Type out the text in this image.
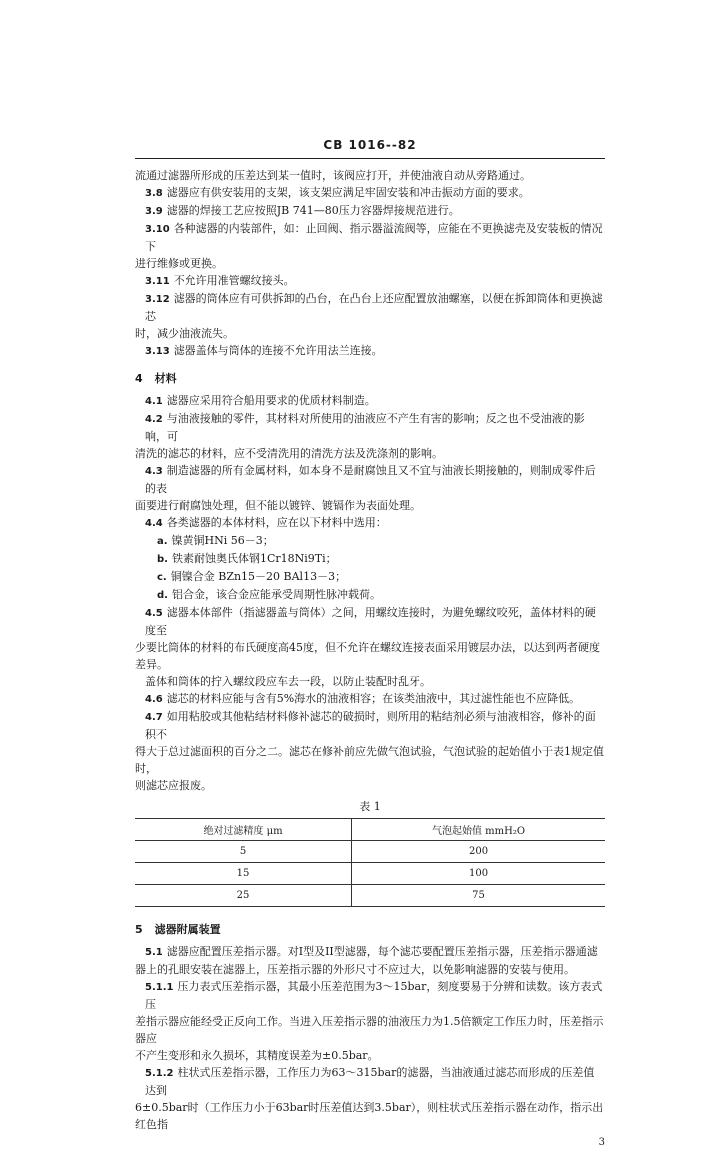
CB 1016--82

流通过滤器所形成的压差达到某一值时，该阀应打开，并使油液自动从旁路通过。

3.8 滤器应有供安装用的支架，该支架应满足牢固安装和冲击振动方面的要求。

3.9 滤器的焊接工艺应按照JB 741—80压力容器焊接规范进行。

3.10 各种滤器的内装部件，如：止回阀、指示器溢流阀等，应能在不更换滤壳及安装板的情况下

进行维修或更换。

3.11 不允许用准管螺纹接头。

3.12 滤器的筒体应有可供拆卸的凸台，在凸台上还应配置放油螺塞，以便在拆卸筒体和更换滤芯

时，减少油液流失。

3.13 滤器盖体与筒体的连接不允许用法兰连接。

4 材料

4.1 滤器应采用符合船用要求的优质材料制造。

4.2 与油液接触的零件，其材料对所使用的油液应不产生有害的影响；反之也不受油液的影响，可

清洗的滤芯的材料，应不受清洗用的清洗方法及洗涤剂的影响。

4.3 制造滤器的所有金属材料，如本身不是耐腐蚀且又不宜与油液长期接触的，则制成零件后的表

面要进行耐腐蚀处理，但不能以镀锌、镀镉作为表面处理。

4.4 各类滤器的本体材料，应在以下材料中选用：

a. 镍黄铜HNi 56－3；

b. 铁素耐蚀奥氏体钢1Cr18Ni9Ti；

c. 铜镍合金 BZn15－20 BAl13－3；

d. 铝合金，该合金应能承受周期性脉冲载荷。

4.5 滤器本体部件（指滤器盖与筒体）之间，用螺纹连接时，为避免螺纹咬死，盖体材料的硬度至

少要比筒体的材料的布氏硬度高45度，但不允许在螺纹连接表面采用镀层办法，以达到两者硬度差异。

盖体和筒体的拧入螺纹段应车去一段，以防止装配时乱牙。

4.6 滤芯的材料应能与含有5%海水的油液相容；在该类油液中，其过滤性能也不应降低。

4.7 如用粘胶或其他粘结材料修补滤芯的破损时，则所用的粘结剂必须与油液相容，修补的面积不

得大于总过滤面积的百分之二。滤芯在修补前应先做气泡试验，气泡试验的起始值小于表1规定值时，

则滤芯应报废。

表 1
绝对过滤精度 μm	气泡起始值 mmH₂O
5	200
15	100
25	75
5 滤器附属装置

5.1 滤器应配置压差指示器。对I型及II型滤器，每个滤芯要配置压差指示器，压差指示器通滤

器上的孔眼安装在滤器上，压差指示器的外形尺寸不应过大，以免影响滤器的安装与使用。

5.1.1 压力表式压差指示器，其最小压差范围为3～15bar，刻度要易于分辨和读数。该方表式压

差指示器应能经受正反向工作。当进入压差指示器的油液压力为1.5倍额定工作压力时，压差指示器应

不产生变形和永久损坏，其精度误差为±0.5bar。

5.1.2 柱状式压差指示器，工作压力为63～315bar的滤器，当油液通过滤芯而形成的压差值达到

6±0.5bar时（工作压力小于63bar时压差值达到3.5bar），则柱状式压差指示器在动作，指示出红色指

3
